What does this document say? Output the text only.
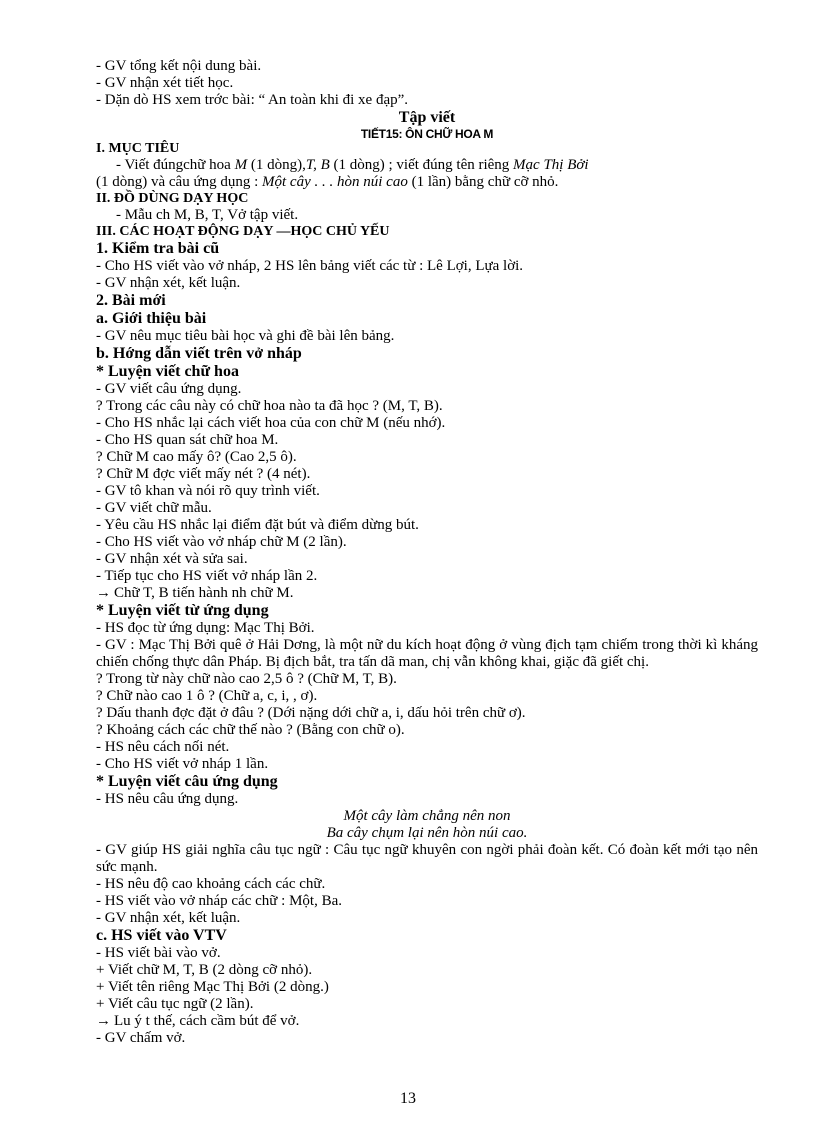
- GV tổng kết nội dung bài.
- GV nhận xét tiết học.
- Dặn dò HS xem trớc bài: “ An toàn khi đi xe đạp”.
Tập viết
TIẾT15: ÔN CHỮ HOA M
I. MỤC TIÊU
- Viết đúngchữ hoa M (1 dòng),T, B (1 dòng) ; viết đúng tên riêng Mạc Thị Bởi
(1 dòng) và câu ứng dụng : Một cây . . . hòn núi cao (1 lần) bằng chữ cỡ nhỏ.
II. ĐỒ DÙNG DẠY HỌC
- Mẫu ch M, B, T, Vở tập viết.
III. CÁC HOẠT ĐỘNG DẠY —HỌC CHỦ YẾU
1. Kiểm tra bài cũ
- Cho HS viết vào vở nháp, 2 HS lên bảng viết các từ : Lê Lợi, Lựa lời.
- GV nhận xét, kết luận.
2. Bài mới
a. Giới thiệu bài
- GV nêu mục tiêu bài học và ghi đề bài lên bảng.
b. Hớng dẫn viết trên vở nháp
* Luyện viết chữ hoa
- GV viết câu ứng dụng.
? Trong các câu này có chữ hoa nào ta đã học ? (M, T, B).
- Cho HS nhắc lại cách viết hoa của con chữ M (nếu nhớ).
- Cho HS quan sát chữ hoa M.
? Chữ M cao mấy ô? (Cao 2,5 ô).
? Chữ M đợc viết mấy nét ? (4 nét).
- GV tô khan và nói rõ quy trình viết.
- GV viết chữ mẫu.
- Yêu cầu HS nhắc lại điểm đặt bút và điểm dừng bút.
- Cho HS viết vào vở nháp chữ M (2 lần).
- GV nhận xét và sửa sai.
- Tiếp tục cho HS viết vở nháp lần 2.
→ Chữ T, B tiến hành nh chữ M.
* Luyện viết từ ứng dụng
- HS đọc từ ứng dụng: Mạc Thị Bởi.
- GV : Mạc Thị Bởi quê ở Hải Dơng, là một nữ du kích hoạt động ở vùng địch tạm chiếm trong thời kì kháng chiến chống thực dân Pháp. Bị địch bắt, tra tấn dã man, chị vẫn không khai, giặc đã giết chị.
? Trong từ này chữ nào cao 2,5 ô ? (Chữ M, T, B).
? Chữ nào cao 1 ô ? (Chữ a, c, i, , ơ).
? Dấu thanh đợc đặt ở đâu ? (Dới nặng dới chữ a, i, dấu hỏi trên chữ ơ).
? Khoảng cách các chữ thế nào ? (Bằng con chữ o).
- HS nêu cách nối nét.
- Cho HS viết vở nháp 1 lần.
* Luyện viết câu ứng dụng
- HS nêu câu ứng dụng.
Một cây làm chẳng nên non
Ba cây chụm lại nên hòn núi cao.
- GV giúp HS giải nghĩa câu tục ngữ : Câu tục ngữ khuyên con ngời phải đoàn kết. Có đoàn kết mới tạo nên sức mạnh.
- HS nêu độ cao khoảng cách các chữ.
- HS viết vào vở nháp các chữ : Một, Ba.
- GV nhận xét, kết luận.
c. HS viết vào VTV
- HS viết bài vào vở.
+ Viết chữ M, T, B (2 dòng cỡ nhỏ).
+ Viết tên riêng Mạc Thị Bởi (2 dòng.)
+ Viết câu tục ngữ (2 lần).
→ Lu ý t thế, cách cầm bút để vở.
- GV chấm vở.
13
